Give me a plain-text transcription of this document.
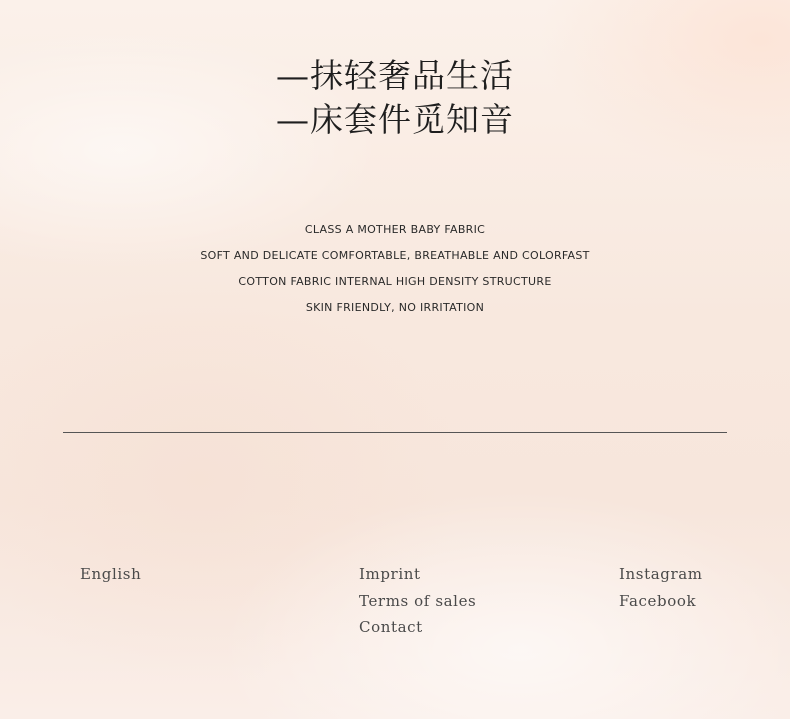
—抹轻奢品生活
—床套件觅知音
CLASS A MOTHER BABY FABRIC
SOFT AND DELICATE COMFORTABLE, BREATHABLE AND COLORFAST
COTTON FABRIC INTERNAL HIGH DENSITY STRUCTURE
SKIN FRIENDLY, NO IRRITATION
English	Imprint
Terms of sales
Contact
Instagram
Facebook
